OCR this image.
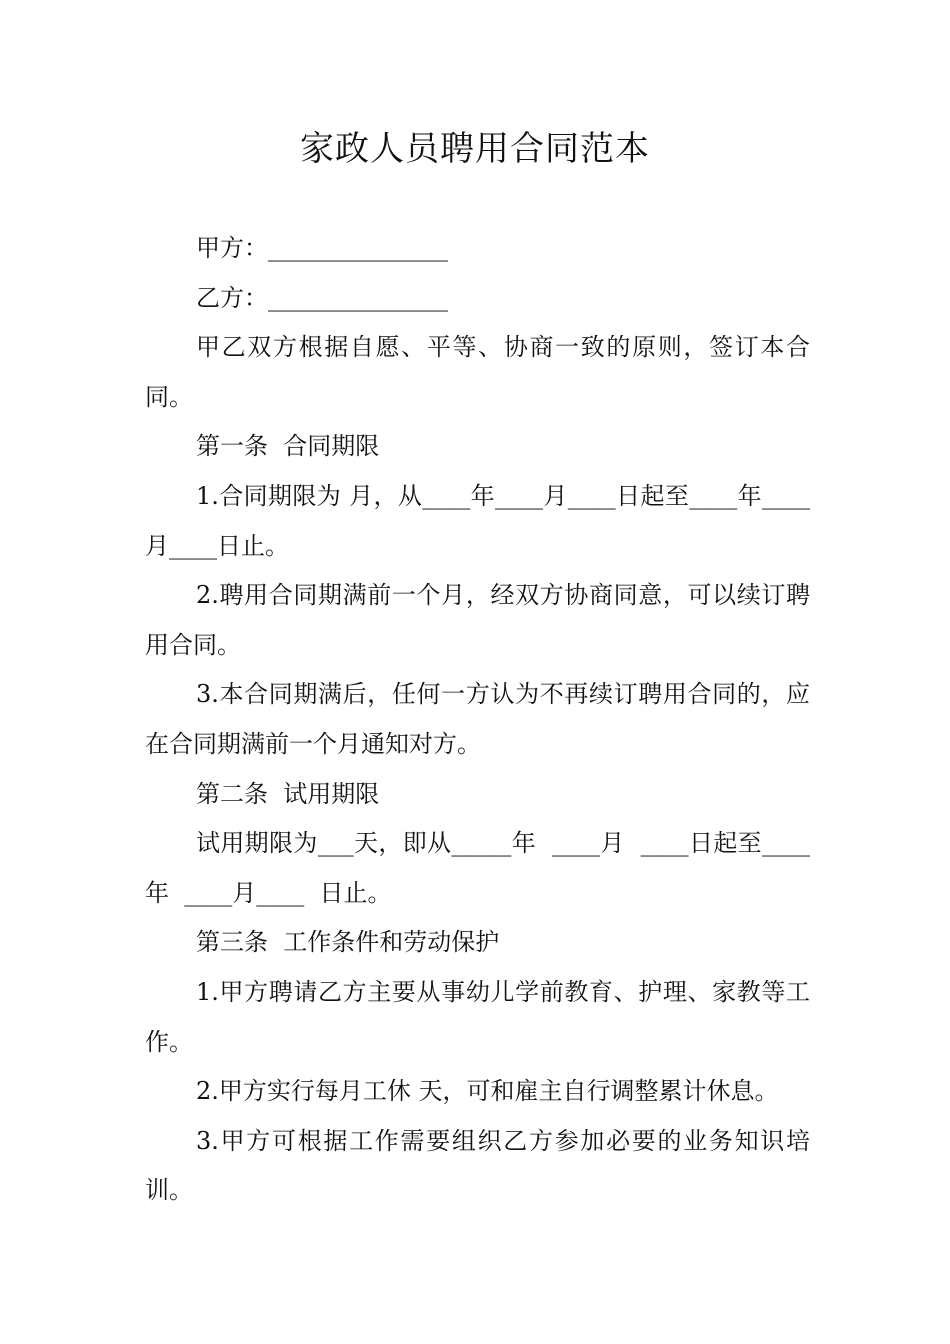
家政人员聘用合同范本

甲方：_______________

乙方：_______________

甲乙双方根据自愿、平等、协商一致的原则，签订本合同。

第一条  合同期限

1.合同期限为 月，从____年____月____日起至____年____月____日止。

2.聘用合同期满前一个月，经双方协商同意，可以续订聘用合同。

3.本合同期满后，任何一方认为不再续订聘用合同的，应在合同期满前一个月通知对方。

第二条  试用期限

试用期限为___天，即从_____年  ____月  ____日起至____年  ____月____  日止。

第三条  工作条件和劳动保护

1.甲方聘请乙方主要从事幼儿学前教育、护理、家教等工作。

2.甲方实行每月工休 天，可和雇主自行调整累计休息。

3.甲方可根据工作需要组织乙方参加必要的业务知识培训。
